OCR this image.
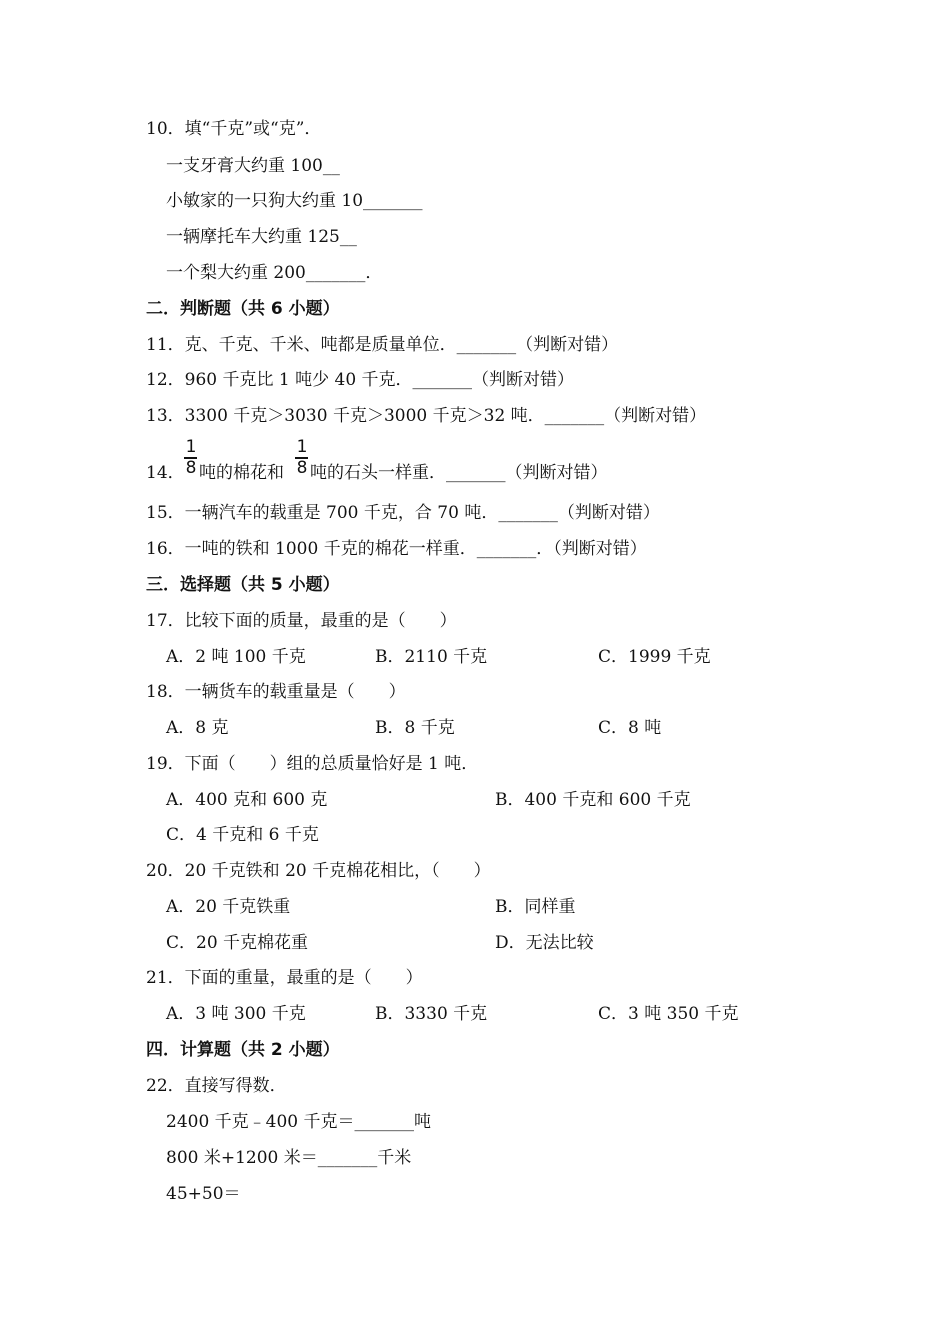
10．填“千克”或“克”．
一支牙膏大约重 100__
小敏家的一只狗大约重 10_______
一辆摩托车大约重 125__
一个梨大约重 200_______．
二．判断题（共 6 小题）
11．克、千克、千米、吨都是质量单位．_______（判断对错）
12．960 千克比 1 吨少 40 千克．_______（判断对错）
13．3300 千克＞3030 千克＞3000 千克＞32 吨．_______（判断对错）
1
8
1
8
14． 吨的棉花和 吨的石头一样重．_______（判断对错）
15．一辆汽车的载重是 700 千克，合 70 吨．_______（判断对错）
16．一吨的铁和 1000 千克的棉花一样重．_______．（判断对错）
三．选择题（共 5 小题）
17．比较下面的质量，最重的是（　　）
A．2 吨 100 千克	B．2110 千克	C．1999 千克
18．一辆货车的载重量是（　　）
A．8 克	B．8 千克	C．8 吨
19．下面（　　）组的总质量恰好是 1 吨．
A．400 克和 600 克	B．400 千克和 600 千克
C．4 千克和 6 千克
20．20 千克铁和 20 千克棉花相比，（　　）
A．20 千克铁重	B．同样重
C．20 千克棉花重	D．无法比较
21．下面的重量，最重的是（　　）
A．3 吨 300 千克	B．3330 千克	C．3 吨 350 千克
四．计算题（共 2 小题）
22．直接写得数．
2400 千克﹣400 千克＝_______吨
800 米+1200 米＝_______千米
45+50＝
